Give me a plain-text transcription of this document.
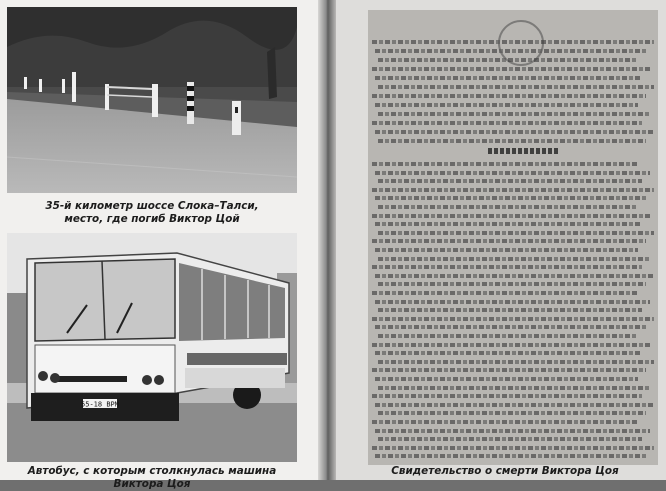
35-й километр шоссе Слока–Талси,
место, где погиб Виктор Цой
55-18 ВРМ
Автобус, с которым столкнулась машина Виктора Цоя
Свидетельство о смерти Виктора Цоя
